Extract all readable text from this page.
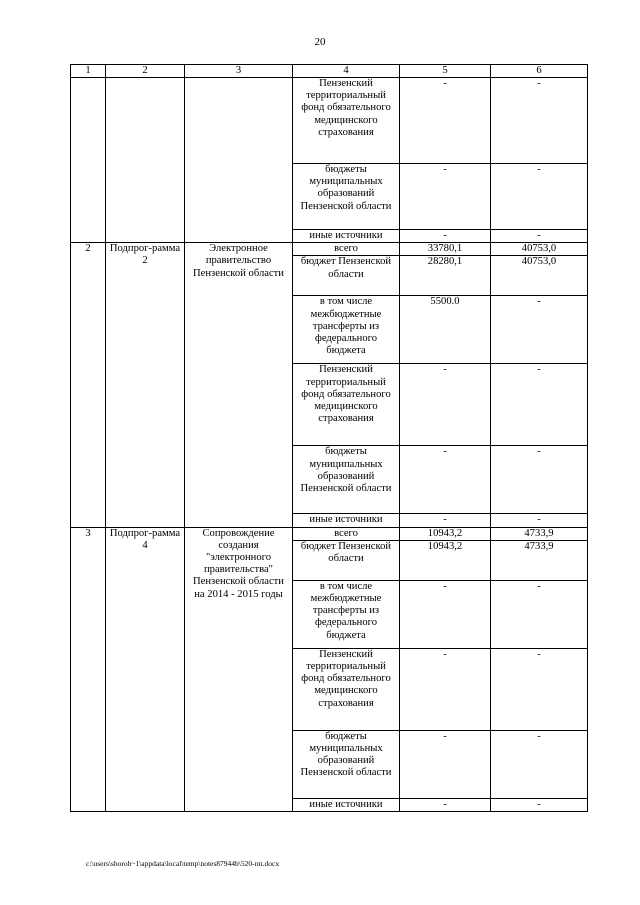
20
1	2	3	4	5	6
			Пензенский территориальный фонд обязательного медицинского страхования	-	-
			бюджеты муниципальных образований Пензенской области	-	-
			иные источники	-	-
2	Подпрог-рамма 2	Электронное правительство Пензенской области	всего	33780,1	40753,0
			бюджет Пензенской области	28280,1	40753,0
			в том числе межбюджетные трансферты из федерального бюджета	5500.0	-
			Пензенский территориальный фонд обязательного медицинского страхования	-	-
			бюджеты муниципальных образований Пензенской области	-	-
			иные источники	-	-
3	Подпрог-рамма 4	Сопровождение создания "электронного правительства" Пензенской области на 2014 - 2015 годы	всего	10943,2	4733,9
			бюджет Пензенской области	10943,2	4733,9
			в том числе межбюджетные трансферты из федерального бюджета	-	-
			Пензенский территориальный фонд обязательного медицинского страхования	-	-
			бюджеты муниципальных образований Пензенской области	-	-
			иные источники	-	-
c:\users\shoroh~1\appdata\local\temp\notes87944b\520-пп.docx
